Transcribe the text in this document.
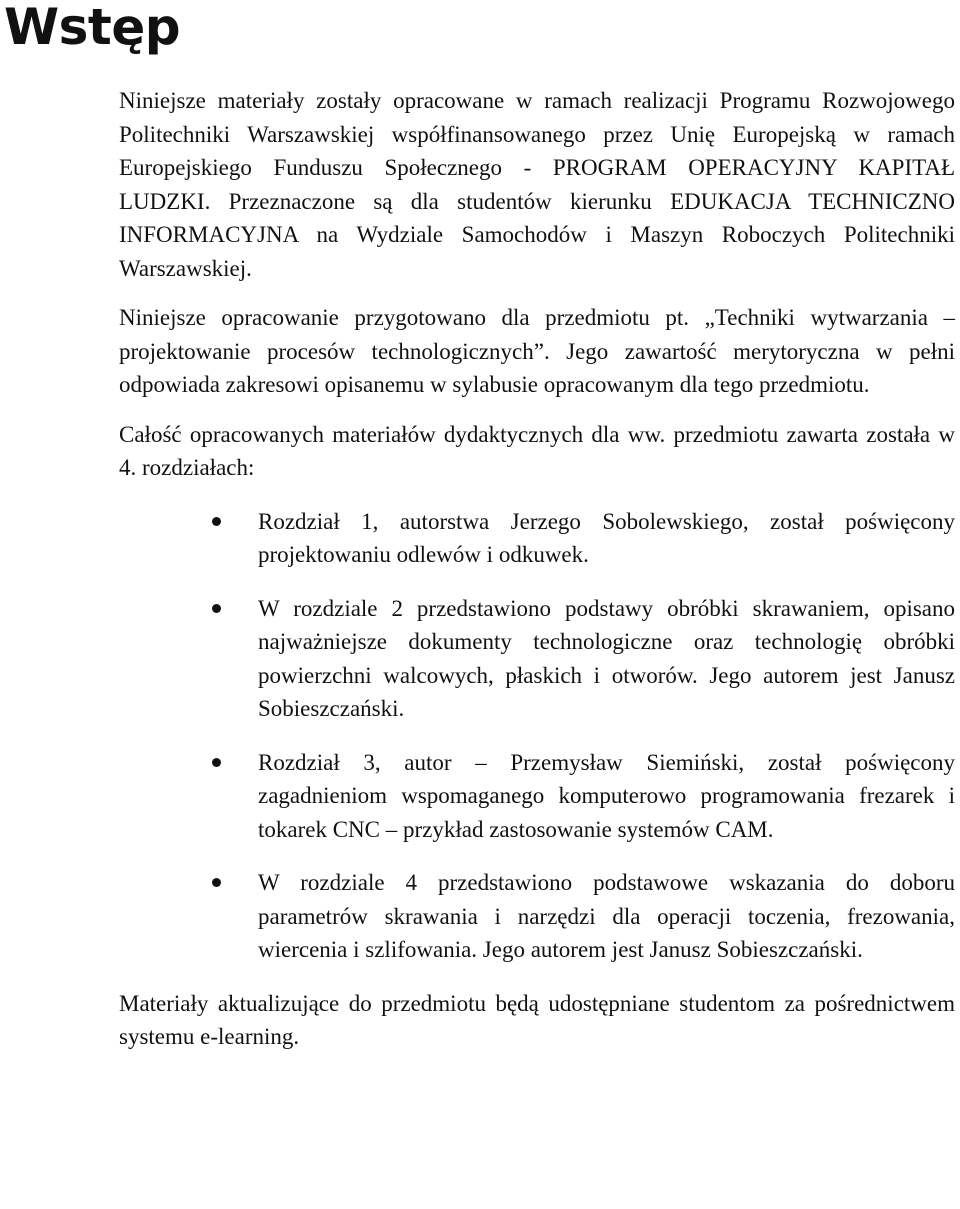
Wstęp

Niniejsze materiały zostały opracowane w ramach realizacji Programu Rozwojowego Politechniki Warszawskiej współfinansowanego przez Unię Europejską w ramach Europejskiego Funduszu Społecznego - PROGRAM OPERACYJNY KAPITAŁ LUDZKI. Przeznaczone są dla studentów kierunku EDUKACJA TECHNICZNO INFORMACYJNA na Wydziale Samochodów i Maszyn Roboczych Politechniki Warszawskiej.

Niniejsze opracowanie przygotowano dla przedmiotu pt. „Techniki wytwarzania – projektowanie procesów technologicznych”. Jego zawartość merytoryczna w pełni odpowiada zakresowi opisanemu w sylabusie opracowanym dla tego przedmiotu.

Całość opracowanych materiałów dydaktycznych dla ww. przedmiotu zawarta została w 4. rozdziałach:

Rozdział 1, autorstwa Jerzego Sobolewskiego, został poświęcony projektowaniu odlewów i odkuwek.
W rozdziale 2 przedstawiono podstawy obróbki skrawaniem, opisano najważniejsze dokumenty technologiczne oraz technologię obróbki powierzchni walcowych, płaskich i otworów. Jego autorem jest Janusz Sobieszczański.
Rozdział 3, autor – Przemysław Siemiński, został poświęcony zagadnieniom wspomaganego komputerowo programowania frezarek i tokarek CNC – przykład zastosowanie systemów CAM.
W rozdziale 4 przedstawiono podstawowe wskazania do doboru parametrów skrawania i narzędzi dla operacji toczenia, frezowania, wiercenia i szlifowania. Jego autorem jest Janusz Sobieszczański.

Materiały aktualizujące do przedmiotu będą udostępniane studentom za pośrednictwem systemu e-learning.
